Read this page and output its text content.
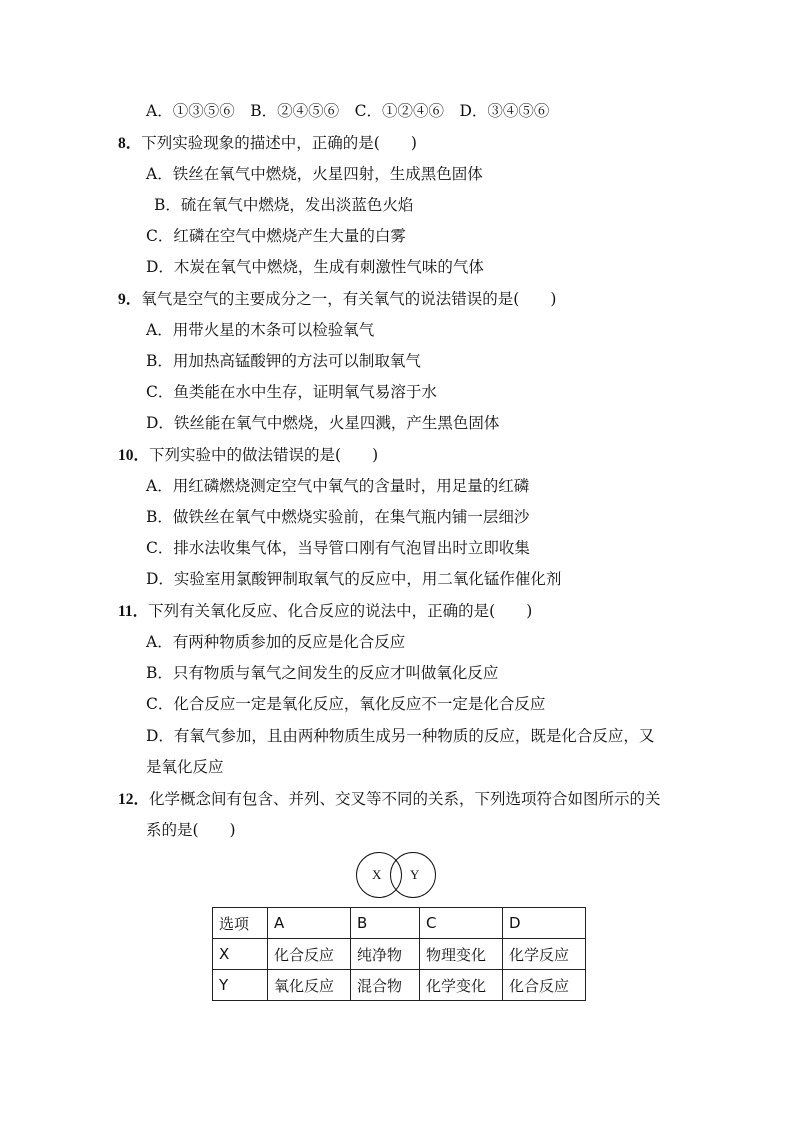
A．①③⑤⑥　B．②④⑤⑥　C．①②④⑥　D．③④⑤⑥
8．下列实验现象的描述中，正确的是(　　)
A．铁丝在氧气中燃烧，火星四射，生成黑色固体
B．硫在氧气中燃烧，发出淡蓝色火焰
C．红磷在空气中燃烧产生大量的白雾
D．木炭在氧气中燃烧，生成有刺激性气味的气体
9．氧气是空气的主要成分之一，有关氧气的说法错误的是(　　)
A．用带火星的木条可以检验氧气
B．用加热高锰酸钾的方法可以制取氧气
C．鱼类能在水中生存，证明氧气易溶于水
D．铁丝能在氧气中燃烧，火星四溅，产生黑色固体
10．下列实验中的做法错误的是(　　)
A．用红磷燃烧测定空气中氧气的含量时，用足量的红磷
B．做铁丝在氧气中燃烧实验前，在集气瓶内铺一层细沙
C．排水法收集气体，当导管口刚有气泡冒出时立即收集
D．实验室用氯酸钾制取氧气的反应中，用二氧化锰作催化剂
11．下列有关氧化反应、化合反应的说法中，正确的是(　　)
A．有两种物质参加的反应是化合反应
B．只有物质与氧气之间发生的反应才叫做氧化反应
C．化合反应一定是氧化反应，氧化反应不一定是化合反应
D．有氧气参加，且由两种物质生成另一种物质的反应，既是化合反应，又
是氧化反应
12．化学概念间有包含、并列、交叉等不同的关系，下列选项符合如图所示的关
系的是(　　)
X Y
选项	A	B	C	D
X	化合反应	纯净物	物理变化	化学反应
Y	氧化反应	混合物	化学变化	化合反应
